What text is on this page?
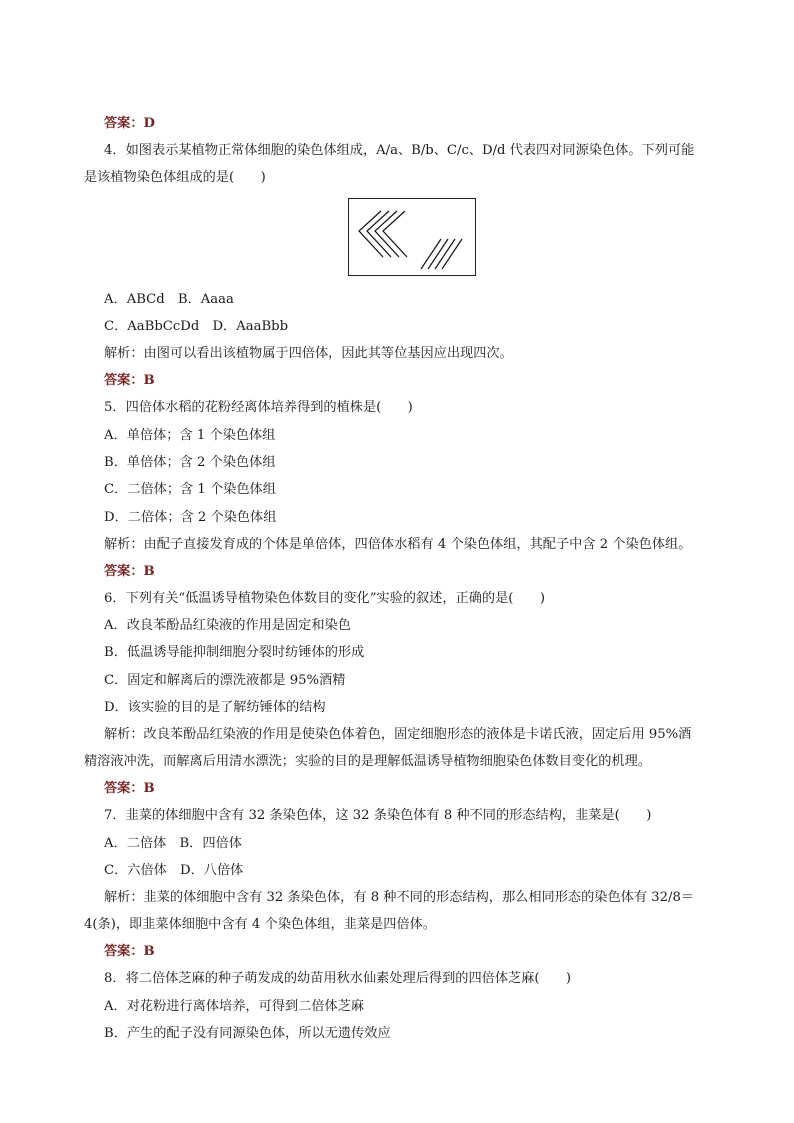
答案：D
4．如图表示某植物正常体细胞的染色体组成，A/a、B/b、C/c、D/d 代表四对同源染色体。下列可能
是该植物染色体组成的是(　　)
A．ABCd　B．Aaaa
C．AaBbCcDd　D．AaaBbb
解析：由图可以看出该植物属于四倍体，因此其等位基因应出现四次。
答案：B
5．四倍体水稻的花粉经离体培养得到的植株是(　　)
A．单倍体；含 1 个染色体组
B．单倍体；含 2 个染色体组
C．二倍体；含 1 个染色体组
D．二倍体；含 2 个染色体组
解析：由配子直接发育成的个体是单倍体，四倍体水稻有 4 个染色体组，其配子中含 2 个染色体组。
答案：B
6．下列有关“低温诱导植物染色体数目的变化”实验的叙述，正确的是(　　)
A．改良苯酚品红染液的作用是固定和染色
B．低温诱导能抑制细胞分裂时纺锤体的形成
C．固定和解离后的漂洗液都是 95%酒精
D．该实验的目的是了解纺锤体的结构
解析：改良苯酚品红染液的作用是使染色体着色，固定细胞形态的液体是卡诺氏液，固定后用 95%酒
精溶液冲洗，而解离后用清水漂洗；实验的目的是理解低温诱导植物细胞染色体数目变化的机理。
答案：B
7．韭菜的体细胞中含有 32 条染色体，这 32 条染色体有 8 种不同的形态结构，韭菜是(　　)
A．二倍体　B．四倍体
C．六倍体　D．八倍体
解析：韭菜的体细胞中含有 32 条染色体，有 8 种不同的形态结构，那么相同形态的染色体有 32/8＝
4(条)，即韭菜体细胞中含有 4 个染色体组，韭菜是四倍体。
答案：B
8．将二倍体芝麻的种子萌发成的幼苗用秋水仙素处理后得到的四倍体芝麻(　　)
A．对花粉进行离体培养，可得到二倍体芝麻
B．产生的配子没有同源染色体，所以无遗传效应
